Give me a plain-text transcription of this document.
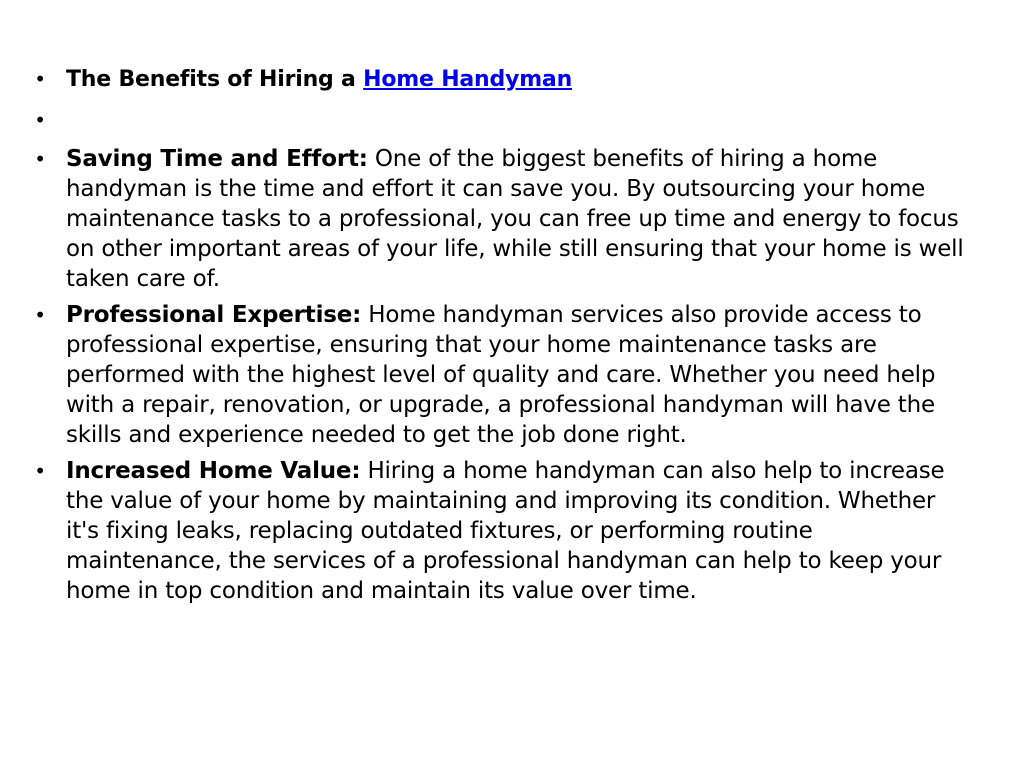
• The Benefits of Hiring a Home Handyman
•
• Saving Time and Effort: One of the biggest benefits of hiring a home handyman is the time and effort it can save you. By outsourcing your home maintenance tasks to a professional, you can free up time and energy to focus on other important areas of your life, while still ensuring that your home is well taken care of.
• Professional Expertise: Home handyman services also provide access to professional expertise, ensuring that your home maintenance tasks are performed with the highest level of quality and care. Whether you need help with a repair, renovation, or upgrade, a professional handyman will have the skills and experience needed to get the job done right.
• Increased Home Value: Hiring a home handyman can also help to increase the value of your home by maintaining and improving its condition. Whether it's fixing leaks, replacing outdated fixtures, or performing routine maintenance, the services of a professional handyman can help to keep your home in top condition and maintain its value over time.
